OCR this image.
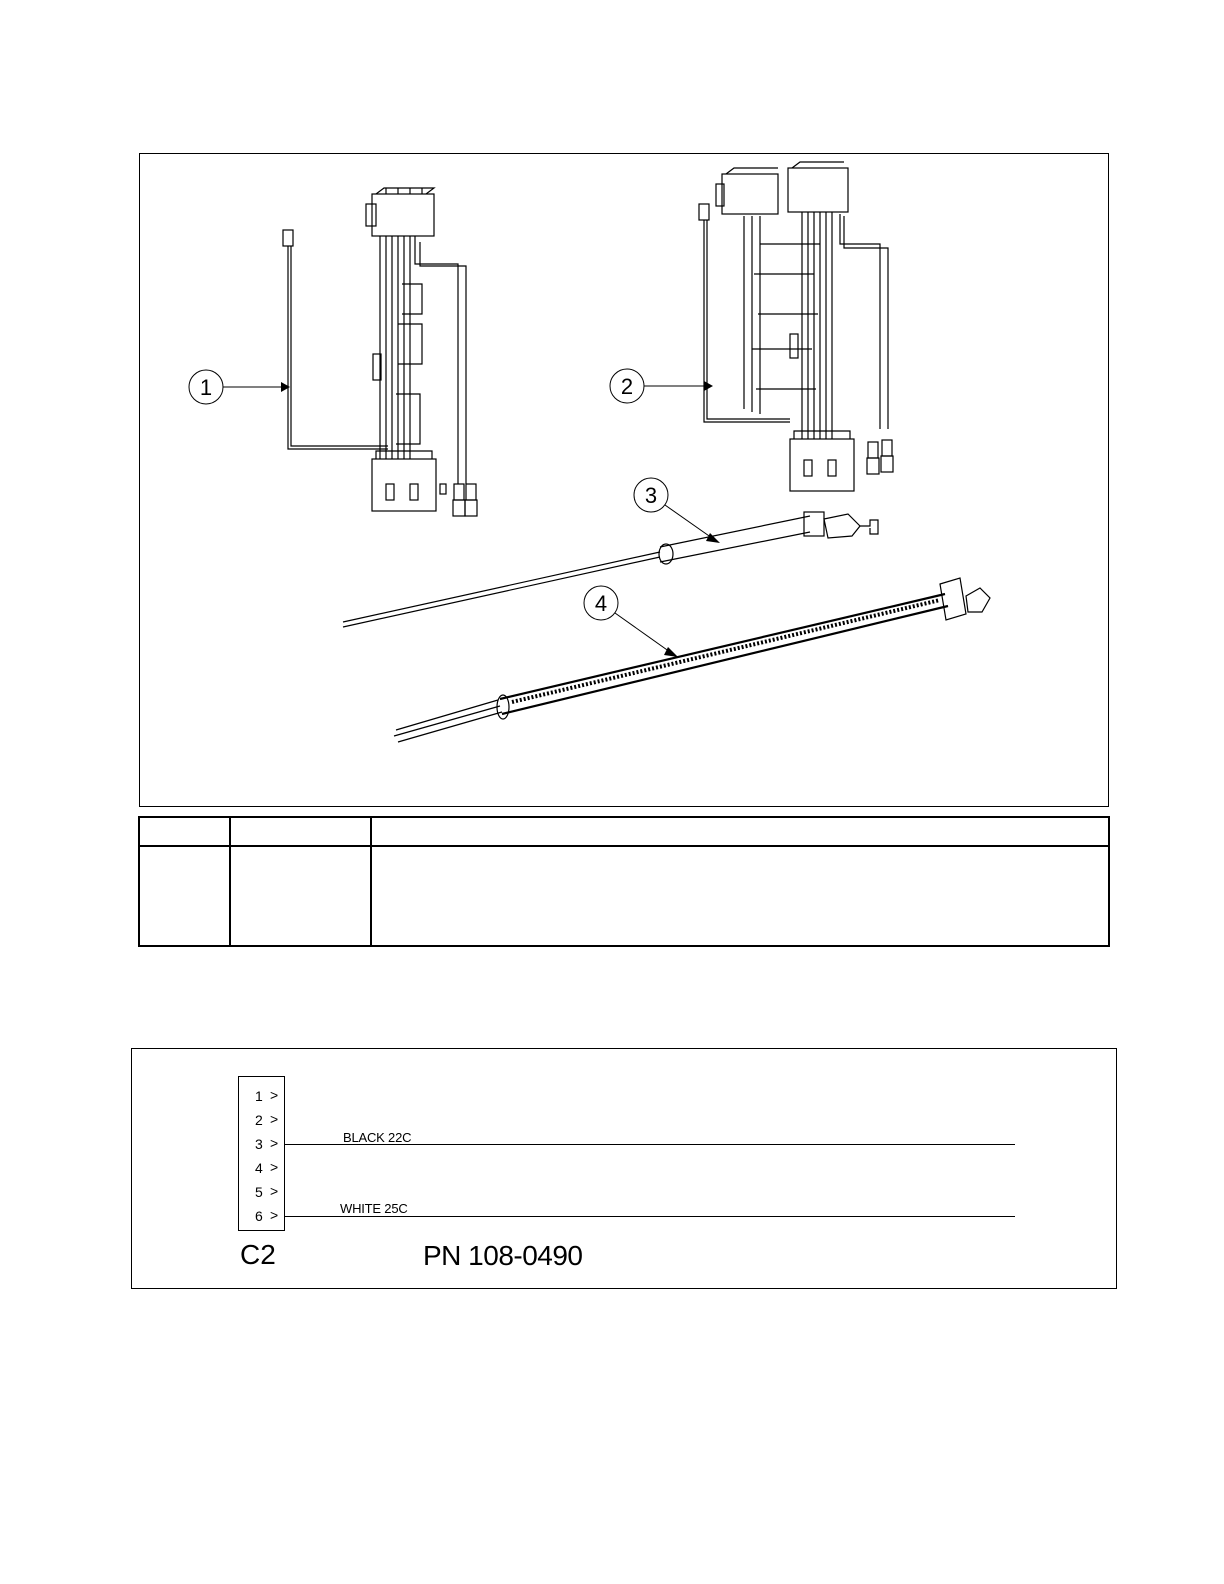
1	2
3
4

1 >
2 >
3 >
4 >
5 >
6 >
BLACK 22C
WHITE 25C
C2	PN 108-0490
